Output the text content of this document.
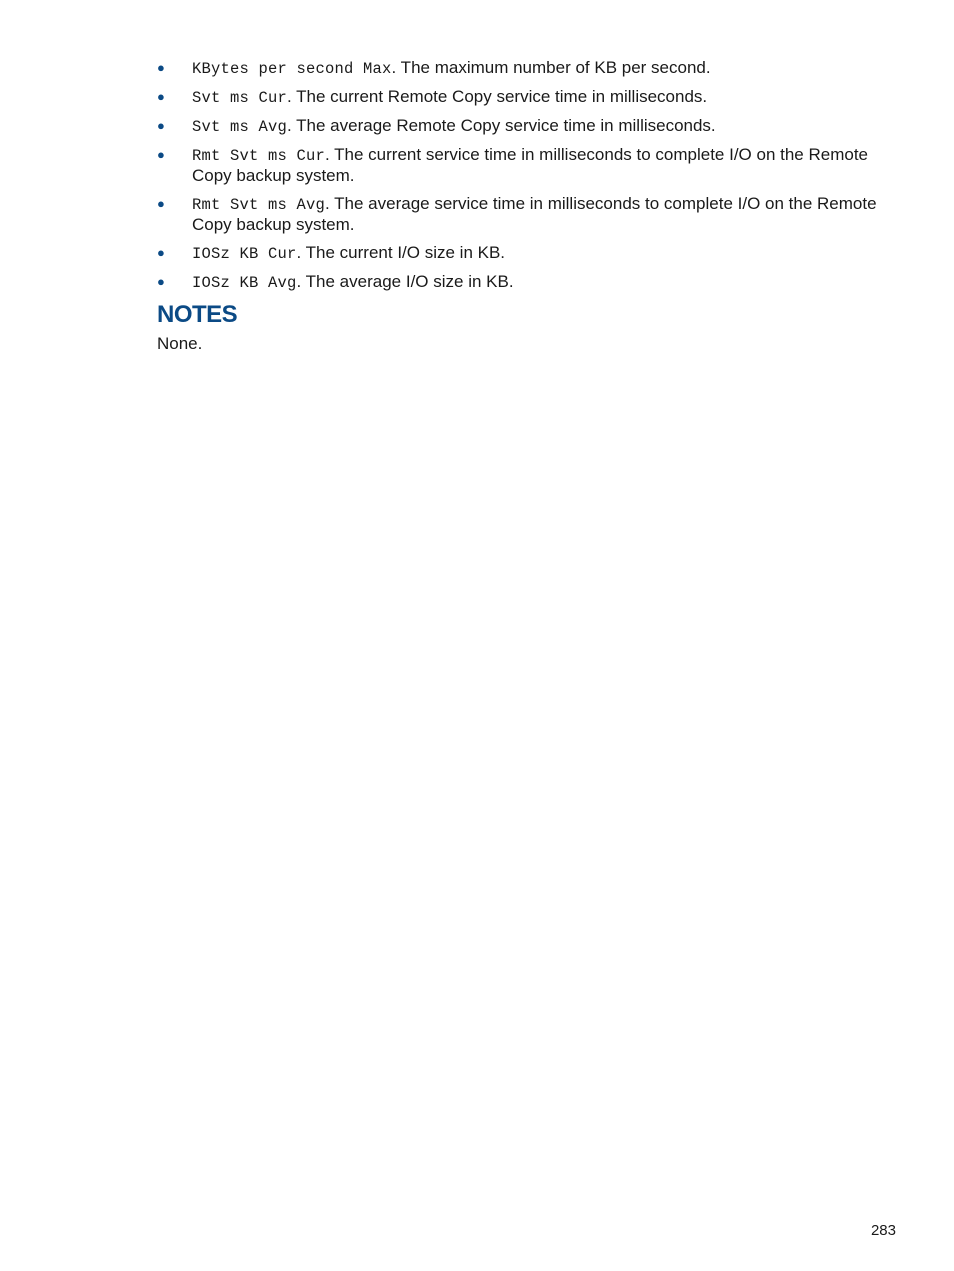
● KBytes per second Max. The maximum number of KB per second.
● Svt ms Cur. The current Remote Copy service time in milliseconds.
● Svt ms Avg. The average Remote Copy service time in milliseconds.
● Rmt Svt ms Cur. The current service time in milliseconds to complete I/O on the Remote Copy backup system.
● Rmt Svt ms Avg. The average service time in milliseconds to complete I/O on the Remote Copy backup system.
● IOSz KB Cur. The current I/O size in KB.
● IOSz KB Avg. The average I/O size in KB.
NOTES

None.

283
